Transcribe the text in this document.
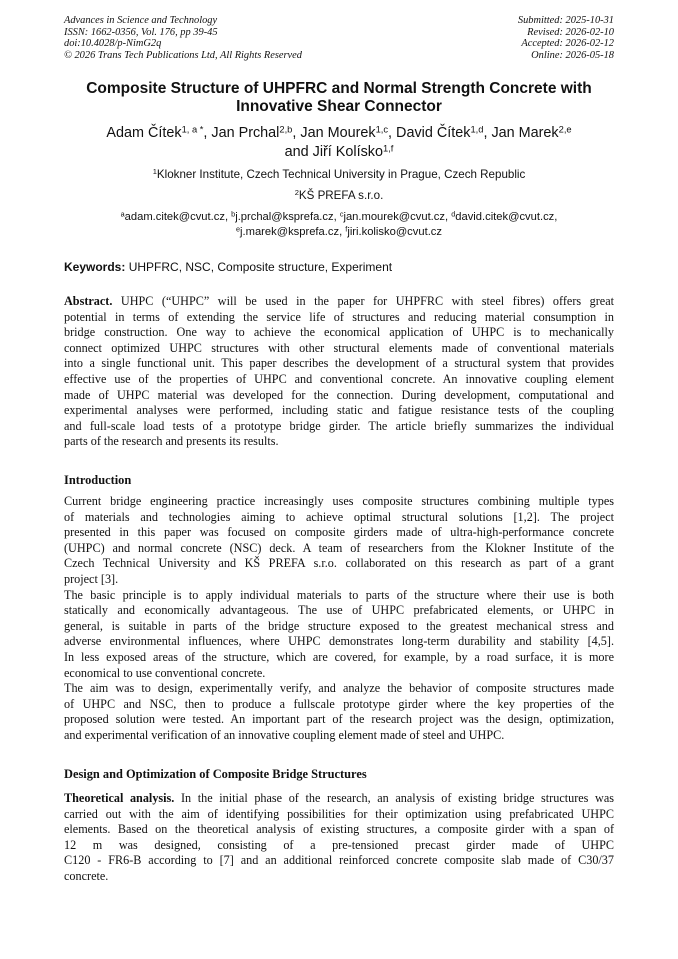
Advances in Science and Technology
ISSN: 1662-0356, Vol. 176, pp 39-45
doi:10.4028/p-NimG2q
© 2026 Trans Tech Publications Ltd, All Rights Reserved
Submitted: 2025-10-31
Revised: 2026-02-10
Accepted: 2026-02-12
Online: 2026-05-18
Composite Structure of UHPFRC and Normal Strength Concrete with
Innovative Shear Connector
Adam Čítek$^{1, a *}$, Jan Prchal$^{2,b}$, Jan Mourek$^{1,c}$, David Čítek$^{1,d}$, Jan Marek$^{2,e}$
and Jiří Kolísko$^{1,f}$
$^1$Klokner Institute, Czech Technical University in Prague, Czech Republic
$^2$KŠ PREFA s.r.o.
$^a$adam.citek@cvut.cz, $^b$j.prchal@ksprefa.cz, $^c$jan.mourek@cvut.cz, $^d$david.citek@cvut.cz,
$^e$j.marek@ksprefa.cz, $^f$jiri.kolisko@cvut.cz
Keywords: UHPFRC, NSC, Composite structure, Experiment
Abstract. UHPC (“UHPC” will be used in the paper for UHPFRC with steel fibres) offers great
potential in terms of extending the service life of structures and reducing material consumption in
bridge construction. One way to achieve the economical application of UHPC is to mechanically
connect optimized UHPC structures with other structural elements made of conventional materials
into a single functional unit. This paper describes the development of a structural system that provides
effective use of the properties of UHPC and conventional concrete. An innovative coupling element
made of UHPC material was developed for the connection. During development, computational and
experimental analyses were performed, including static and fatigue resistance tests of the coupling
and full-scale load tests of a prototype bridge girder. The article briefly summarizes the individual
parts of the research and presents its results.
Introduction
Current bridge engineering practice increasingly uses composite structures combining multiple types
of materials and technologies aiming to achieve optimal structural solutions [1,2]. The project
presented in this paper was focused on composite girders made of ultra-high-performance concrete
(UHPC) and normal concrete (NSC) deck. A team of researchers from the Klokner Institute of the
Czech Technical University and KŠ PREFA s.r.o. collaborated on this research as part of a grant
project [3].
The basic principle is to apply individual materials to parts of the structure where their use is both
statically and economically advantageous. The use of UHPC prefabricated elements, or UHPC in
general, is suitable in parts of the bridge structure exposed to the greatest mechanical stress and
adverse environmental influences, where UHPC demonstrates long-term durability and stability [4,5].
In less exposed areas of the structure, which are covered, for example, by a road surface, it is more
economical to use conventional concrete.
The aim was to design, experimentally verify, and analyze the behavior of composite structures made
of UHPC and NSC, then to produce a fullscale prototype girder where the key properties of the
proposed solution were tested. An important part of the research project was the design, optimization,
and experimental verification of an innovative coupling element made of steel and UHPC.
Design and Optimization of Composite Bridge Structures
Theoretical analysis. In the initial phase of the research, an analysis of existing bridge structures was
carried out with the aim of identifying possibilities for their optimization using prefabricated UHPC
elements. Based on the theoretical analysis of existing structures, a composite girder with a span of
12 m was designed, consisting of a pre-tensioned precast girder made of UHPC
C120 - FR6-B according to [7] and an additional reinforced concrete composite slab made of C30/37
concrete.
